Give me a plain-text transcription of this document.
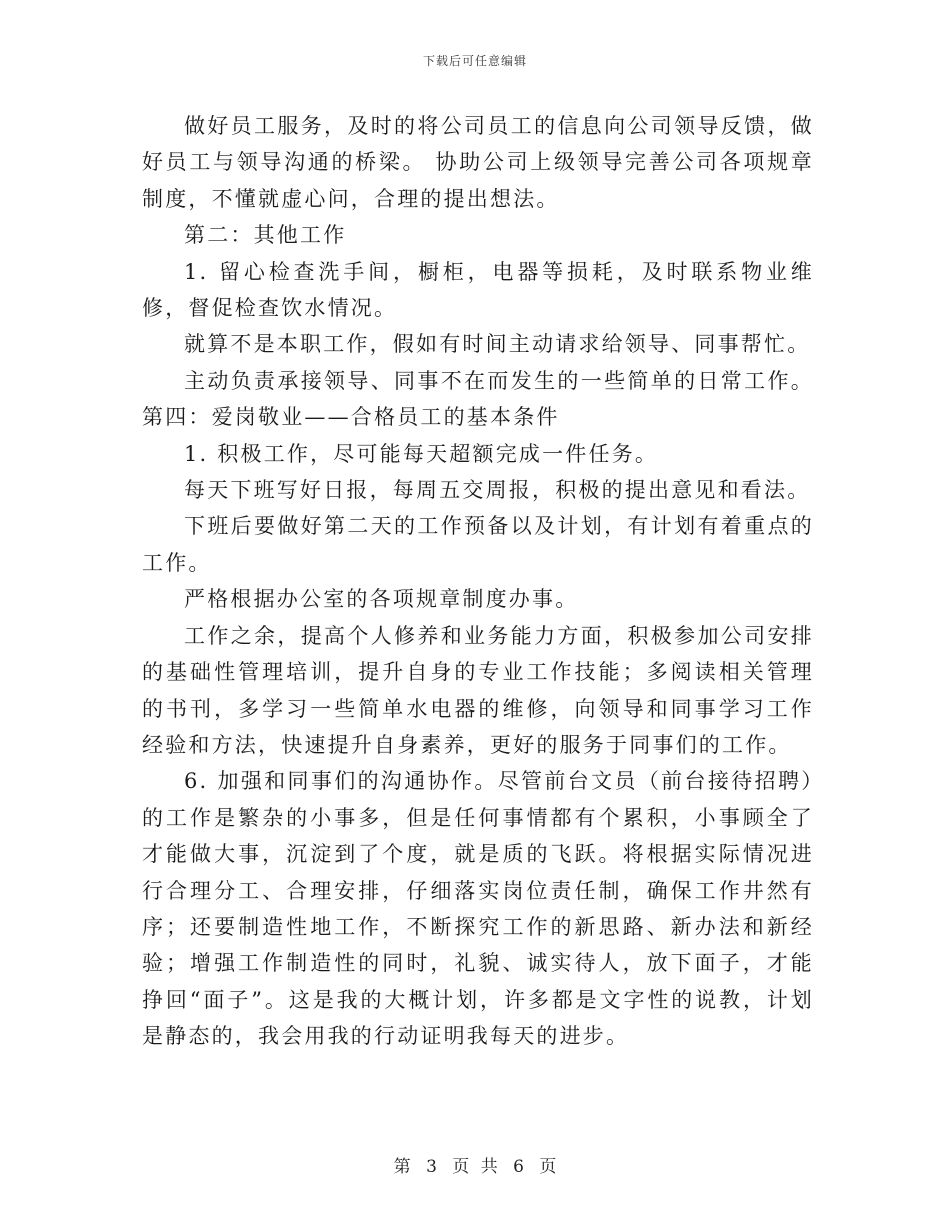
下载后可任意编辑

做好员工服务，及时的将公司员工的信息向公司领导反馈，做好员工与领导沟通的桥梁。 协助公司上级领导完善公司各项规章制度，不懂就虚心问，合理的提出想法。

第二：其他工作

1. 留心检查洗手间，橱柜，电器等损耗，及时联系物业维修，督促检查饮水情况。

就算不是本职工作，假如有时间主动请求给领导、同事帮忙。

主动负责承接领导、同事不在而发生的一些简单的日常工作。第四：爱岗敬业——合格员工的基本条件

1. 积极工作，尽可能每天超额完成一件任务。

每天下班写好日报，每周五交周报，积极的提出意见和看法。

下班后要做好第二天的工作预备以及计划，有计划有着重点的工作。

严格根据办公室的各项规章制度办事。

工作之余，提高个人修养和业务能力方面，积极参加公司安排的基础性管理培训，提升自身的专业工作技能；多阅读相关管理的书刊，多学习一些简单水电器的维修，向领导和同事学习工作经验和方法，快速提升自身素养，更好的服务于同事们的工作。

6. 加强和同事们的沟通协作。尽管前台文员（前台接待招聘）的工作是繁杂的小事多，但是任何事情都有个累积，小事顾全了才能做大事，沉淀到了个度，就是质的飞跃。将根据实际情况进行合理分工、合理安排，仔细落实岗位责任制，确保工作井然有序；还要制造性地工作，不断探究工作的新思路、新办法和新经验；增强工作制造性的同时，礼貌、诚实待人，放下面子，才能挣回“面子”。这是我的大概计划，许多都是文字性的说教，计划是静态的，我会用我的行动证明我每天的进步。

第 3 页 共 6 页
